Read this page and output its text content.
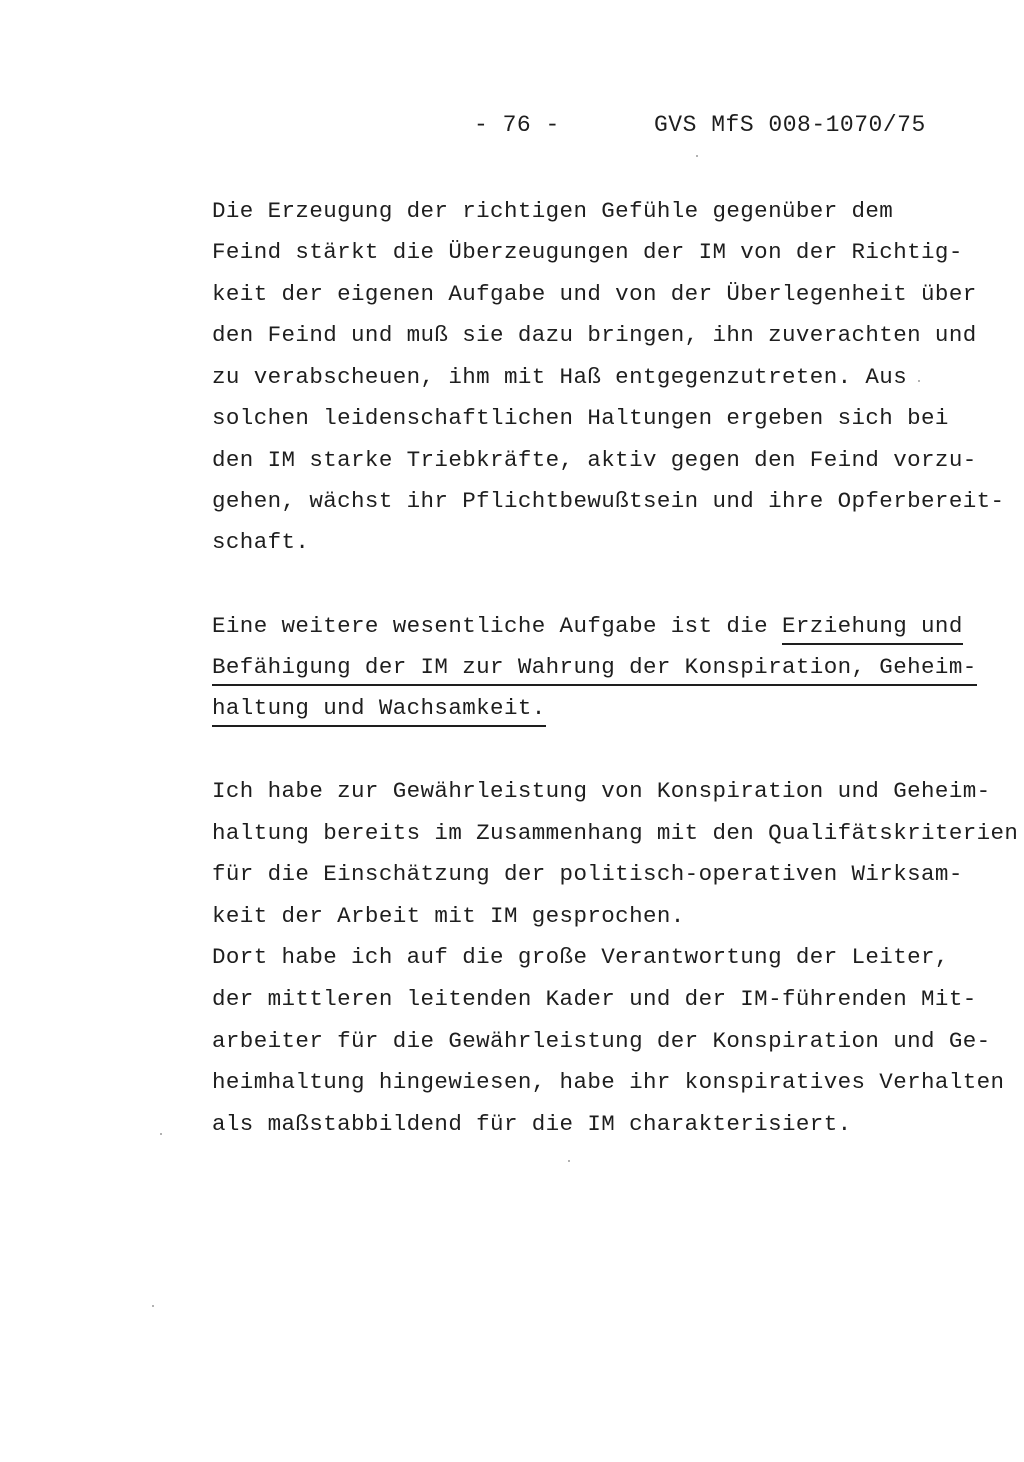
- 76 -	GVS MfS 008-1070/75
Die Erzeugung der richtigen Gefühle gegenüber dem
Feind stärkt die Überzeugungen der IM von der Richtig-
keit der eigenen Aufgabe und von der Überlegenheit über
den Feind und muß sie dazu bringen, ihn zuverachten und
zu verabscheuen, ihm mit Haß entgegenzutreten. Aus
solchen leidenschaftlichen Haltungen ergeben sich bei
den IM starke Triebkräfte, aktiv gegen den Feind vorzu-
gehen, wächst ihr Pflichtbewußtsein und ihre Opferbereit-
schaft.
Eine weitere wesentliche Aufgabe ist die Erziehung und
Befähigung der IM zur Wahrung der Konspiration, Geheim-
haltung und Wachsamkeit.
Ich habe zur Gewährleistung von Konspiration und Geheim-
haltung bereits im Zusammenhang mit den Qualifätskriterien
für die Einschätzung der politisch-operativen Wirksam-
keit der Arbeit mit IM gesprochen.
Dort habe ich auf die große Verantwortung der Leiter,
der mittleren leitenden Kader und der IM-führenden Mit-
arbeiter für die Gewährleistung der Konspiration und Ge-
heimhaltung hingewiesen, habe ihr konspiratives Verhalten
als maßstabbildend für die IM charakterisiert.
